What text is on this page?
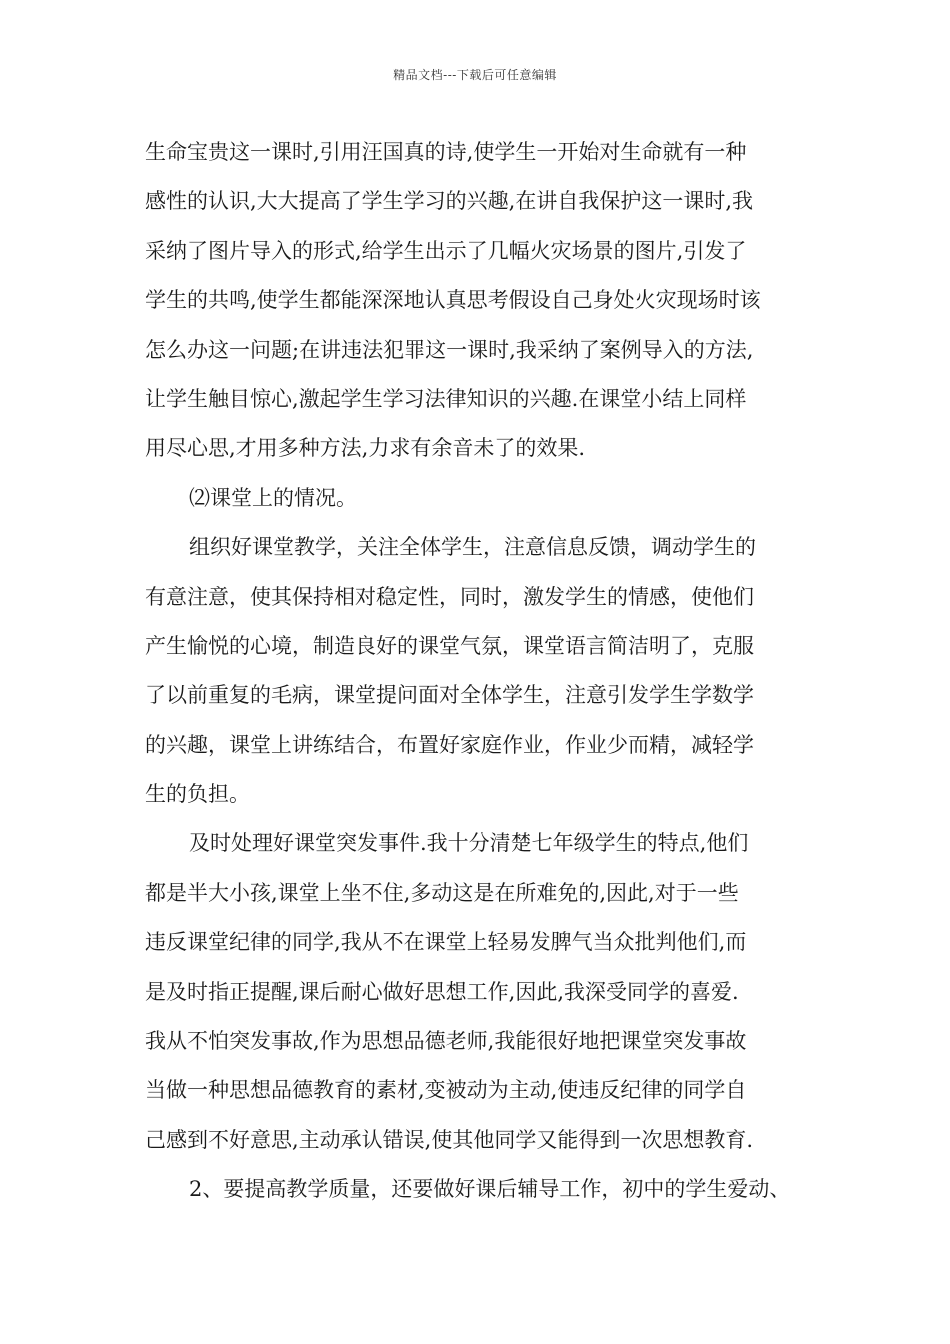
精品文档---下载后可任意编辑
生命宝贵这一课时,引用汪国真的诗,使学生一开始对生命就有一种
感性的认识,大大提高了学生学习的兴趣,在讲自我保护这一课时,我
采纳了图片导入的形式,给学生出示了几幅火灾场景的图片,引发了
学生的共鸣,使学生都能深深地认真思考假设自己身处火灾现场时该
怎么办这一问题;在讲违法犯罪这一课时,我采纳了案例导入的方法,
让学生触目惊心,激起学生学习法律知识的兴趣.在课堂小结上同样
用尽心思,才用多种方法,力求有余音未了的效果.
⑵课堂上的情况。
组织好课堂教学，关注全体学生，注意信息反馈，调动学生的
有意注意，使其保持相对稳定性，同时，激发学生的情感，使他们
产生愉悦的心境，制造良好的课堂气氛，课堂语言简洁明了，克服
了以前重复的毛病，课堂提问面对全体学生，注意引发学生学数学
的兴趣，课堂上讲练结合，布置好家庭作业，作业少而精，减轻学
生的负担。
及时处理好课堂突发事件.我十分清楚七年级学生的特点,他们
都是半大小孩,课堂上坐不住,多动这是在所难免的,因此,对于一些
违反课堂纪律的同学,我从不在课堂上轻易发脾气当众批判他们,而
是及时指正提醒,课后耐心做好思想工作,因此,我深受同学的喜爱.
我从不怕突发事故,作为思想品德老师,我能很好地把课堂突发事故
当做一种思想品德教育的素材,变被动为主动,使违反纪律的同学自
己感到不好意思,主动承认错误,使其他同学又能得到一次思想教育.
2、要提高教学质量，还要做好课后辅导工作，初中的学生爱动、
